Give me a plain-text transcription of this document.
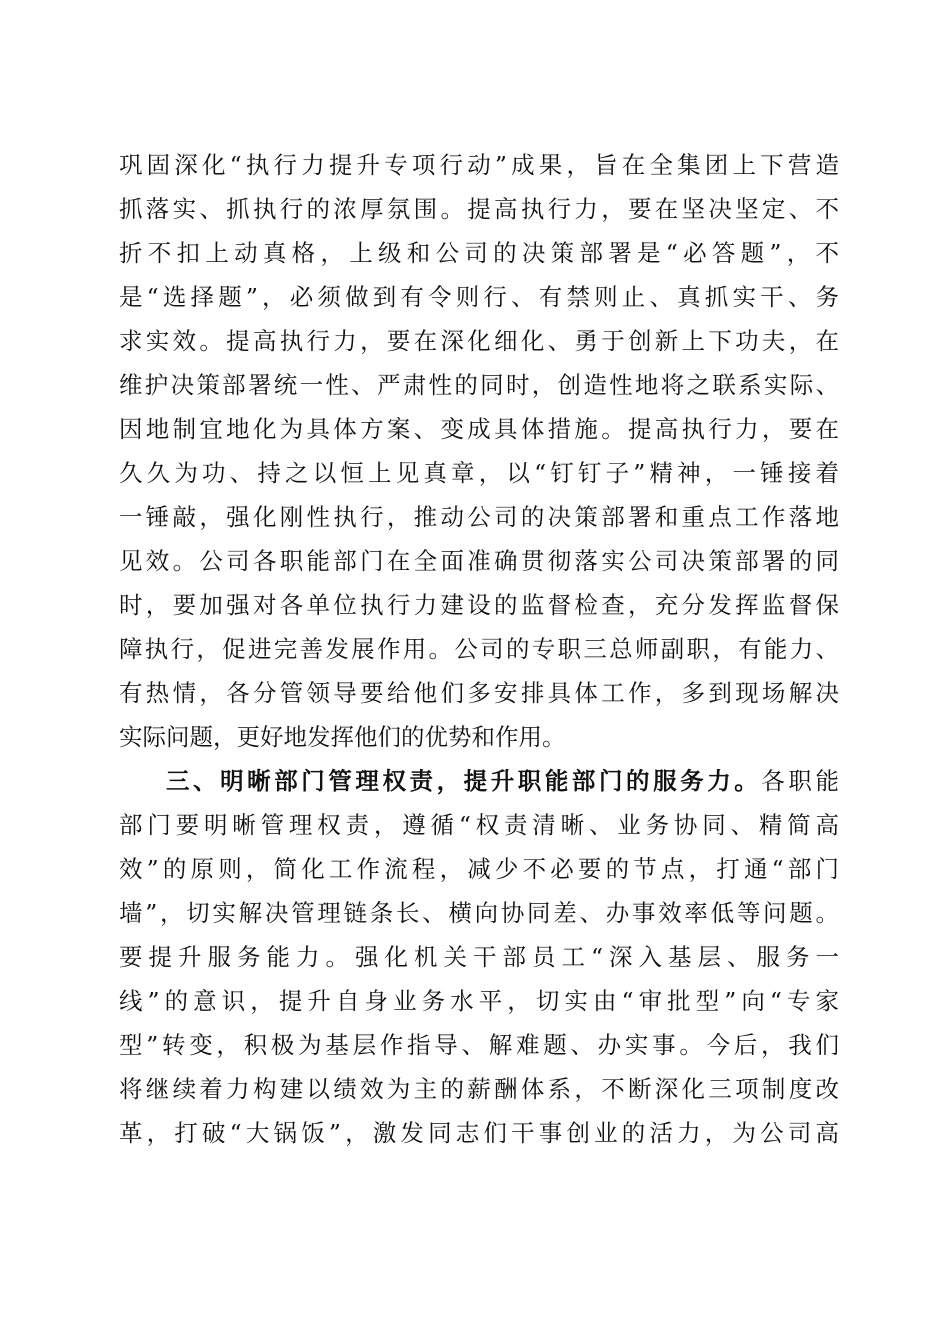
巩固深化“执行力提升专项行动”成果，旨在全集团上下营造
抓落实、抓执行的浓厚氛围。提高执行力，要在坚决坚定、不
折不扣上动真格，上级和公司的决策部署是“必答题”，不
是“选择题”，必须做到有令则行、有禁则止、真抓实干、务
求实效。提高执行力，要在深化细化、勇于创新上下功夫，在
维护决策部署统一性、严肃性的同时，创造性地将之联系实际、
因地制宜地化为具体方案、变成具体措施。提高执行力，要在
久久为功、持之以恒上见真章，以“钉钉子”精神，一锤接着
一锤敲，强化刚性执行，推动公司的决策部署和重点工作落地
见效。公司各职能部门在全面准确贯彻落实公司决策部署的同
时，要加强对各单位执行力建设的监督检查，充分发挥监督保
障执行，促进完善发展作用。公司的专职三总师副职，有能力、
有热情，各分管领导要给他们多安排具体工作，多到现场解决
实际问题，更好地发挥他们的优势和作用。
三、明晰部门管理权责，提升职能部门的服务力。各职能
部门要明晰管理权责，遵循“权责清晰、业务协同、精简高
效”的原则，简化工作流程，减少不必要的节点，打通“部门
墙”，切实解决管理链条长、横向协同差、办事效率低等问题。
要提升服务能力。强化机关干部员工“深入基层、服务一
线”的意识，提升自身业务水平，切实由“审批型”向“专家
型”转变，积极为基层作指导、解难题、办实事。今后，我们
将继续着力构建以绩效为主的薪酬体系，不断深化三项制度改
革，打破“大锅饭”，激发同志们干事创业的活力，为公司高
